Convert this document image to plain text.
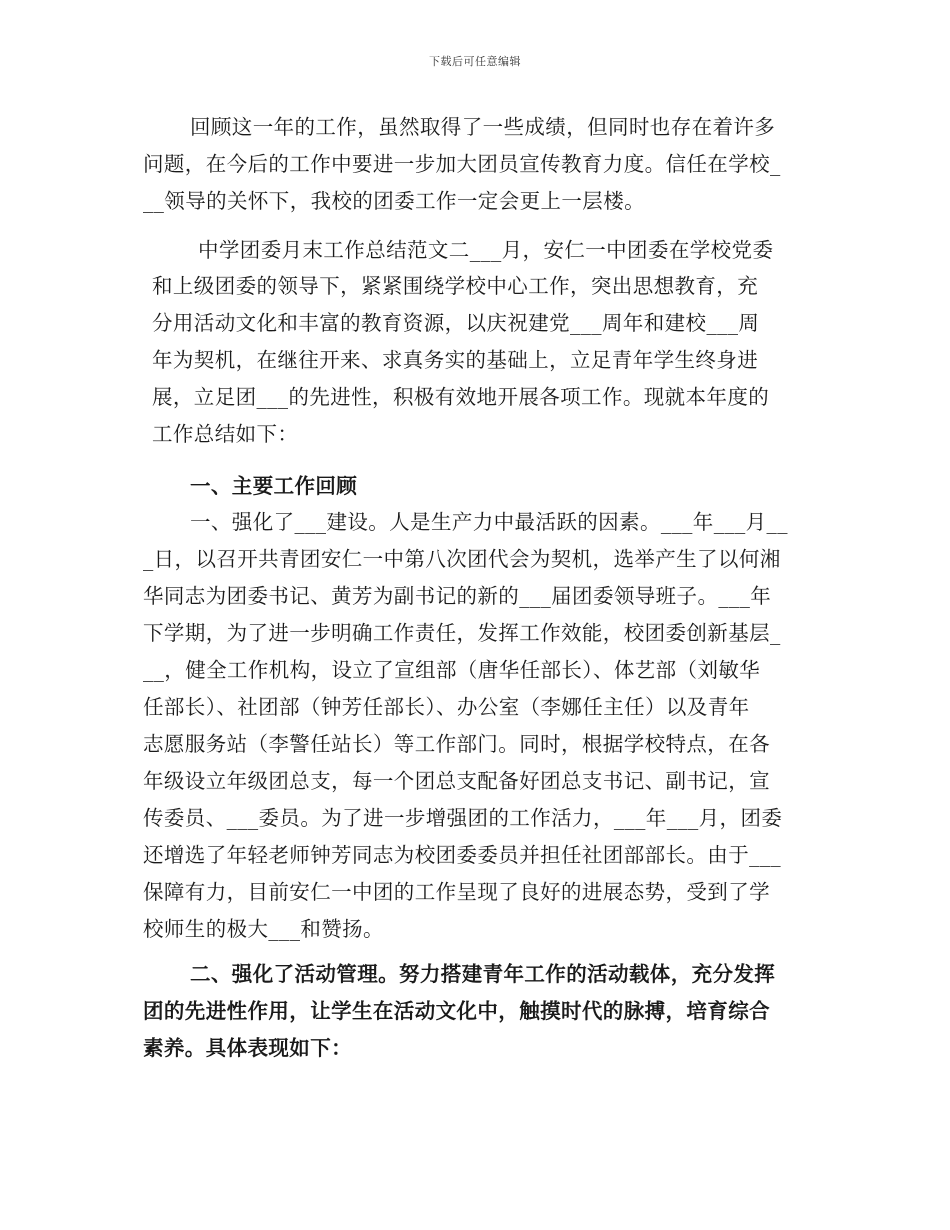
下载后可任意编辑
回顾这一年的工作，虽然取得了一些成绩，但同时也存在着许多
问题，在今后的工作中要进一步加大团员宣传教育力度。信任在学校_
__领导的关怀下，我校的团委工作一定会更上一层楼。
中学团委月末工作总结范文二___月，安仁一中团委在学校党委
和上级团委的领导下，紧紧围绕学校中心工作，突出思想教育，充
分用活动文化和丰富的教育资源，以庆祝建党___周年和建校___周
年为契机，在继往开来、求真务实的基础上，立足青年学生终身进
展，立足团___的先进性，积极有效地开展各项工作。现就本年度的
工作总结如下：
一、主要工作回顾
一、强化了___建设。人是生产力中最活跃的因素。___年___月__
_日，以召开共青团安仁一中第八次团代会为契机，选举产生了以何湘
华同志为团委书记、黄芳为副书记的新的___届团委领导班子。___年
下学期，为了进一步明确工作责任，发挥工作效能，校团委创新基层_
__，健全工作机构，设立了宣组部（唐华任部长）、体艺部（刘敏华
任部长）、社团部（钟芳任部长）、办公室（李娜任主任）以及青年
志愿服务站（李警任站长）等工作部门。同时，根据学校特点，在各
年级设立年级团总支，每一个团总支配备好团总支书记、副书记，宣
传委员、___委员。为了进一步增强团的工作活力，___年___月，团委
还增选了年轻老师钟芳同志为校团委委员并担任社团部部长。由于___
保障有力，目前安仁一中团的工作呈现了良好的进展态势，受到了学
校师生的极大___和赞扬。
二、强化了活动管理。努力搭建青年工作的活动载体，充分发挥
团的先进性作用，让学生在活动文化中，触摸时代的脉搏，培育综合
素养。具体表现如下：
